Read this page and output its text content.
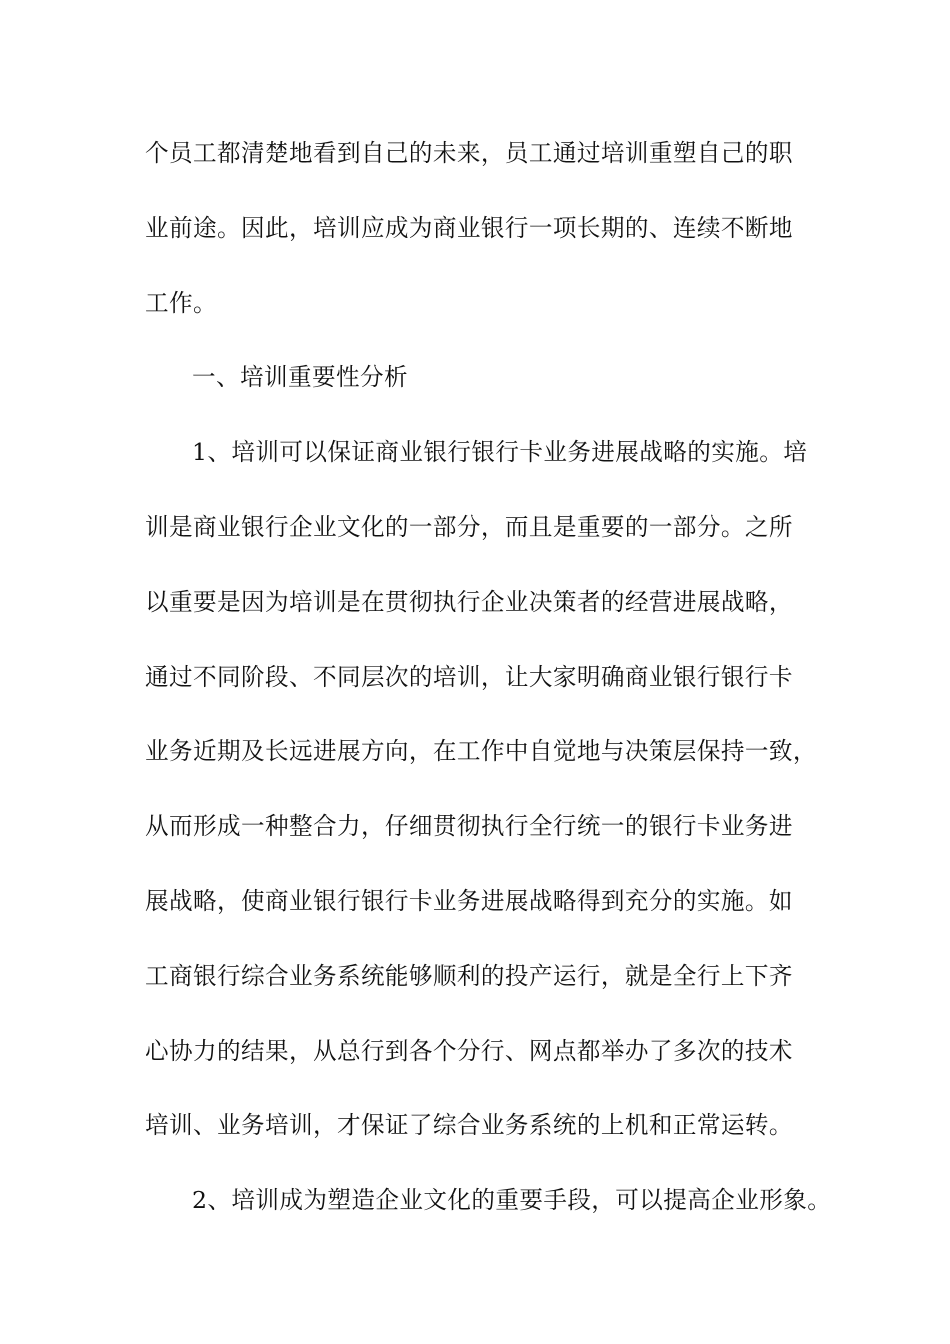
个员工都清楚地看到自己的未来，员工通过培训重塑自己的职
业前途。因此，培训应成为商业银行一项长期的、连续不断地
工作。
一、培训重要性分析
1、培训可以保证商业银行银行卡业务进展战略的实施。培
训是商业银行企业文化的一部分，而且是重要的一部分。之所
以重要是因为培训是在贯彻执行企业决策者的经营进展战略，
通过不同阶段、不同层次的培训，让大家明确商业银行银行卡
业务近期及长远进展方向，在工作中自觉地与决策层保持一致，
从而形成一种整合力，仔细贯彻执行全行统一的银行卡业务进
展战略，使商业银行银行卡业务进展战略得到充分的实施。如
工商银行综合业务系统能够顺利的投产运行，就是全行上下齐
心协力的结果，从总行到各个分行、网点都举办了多次的技术
培训、业务培训，才保证了综合业务系统的上机和正常运转。
2、培训成为塑造企业文化的重要手段，可以提高企业形象。
